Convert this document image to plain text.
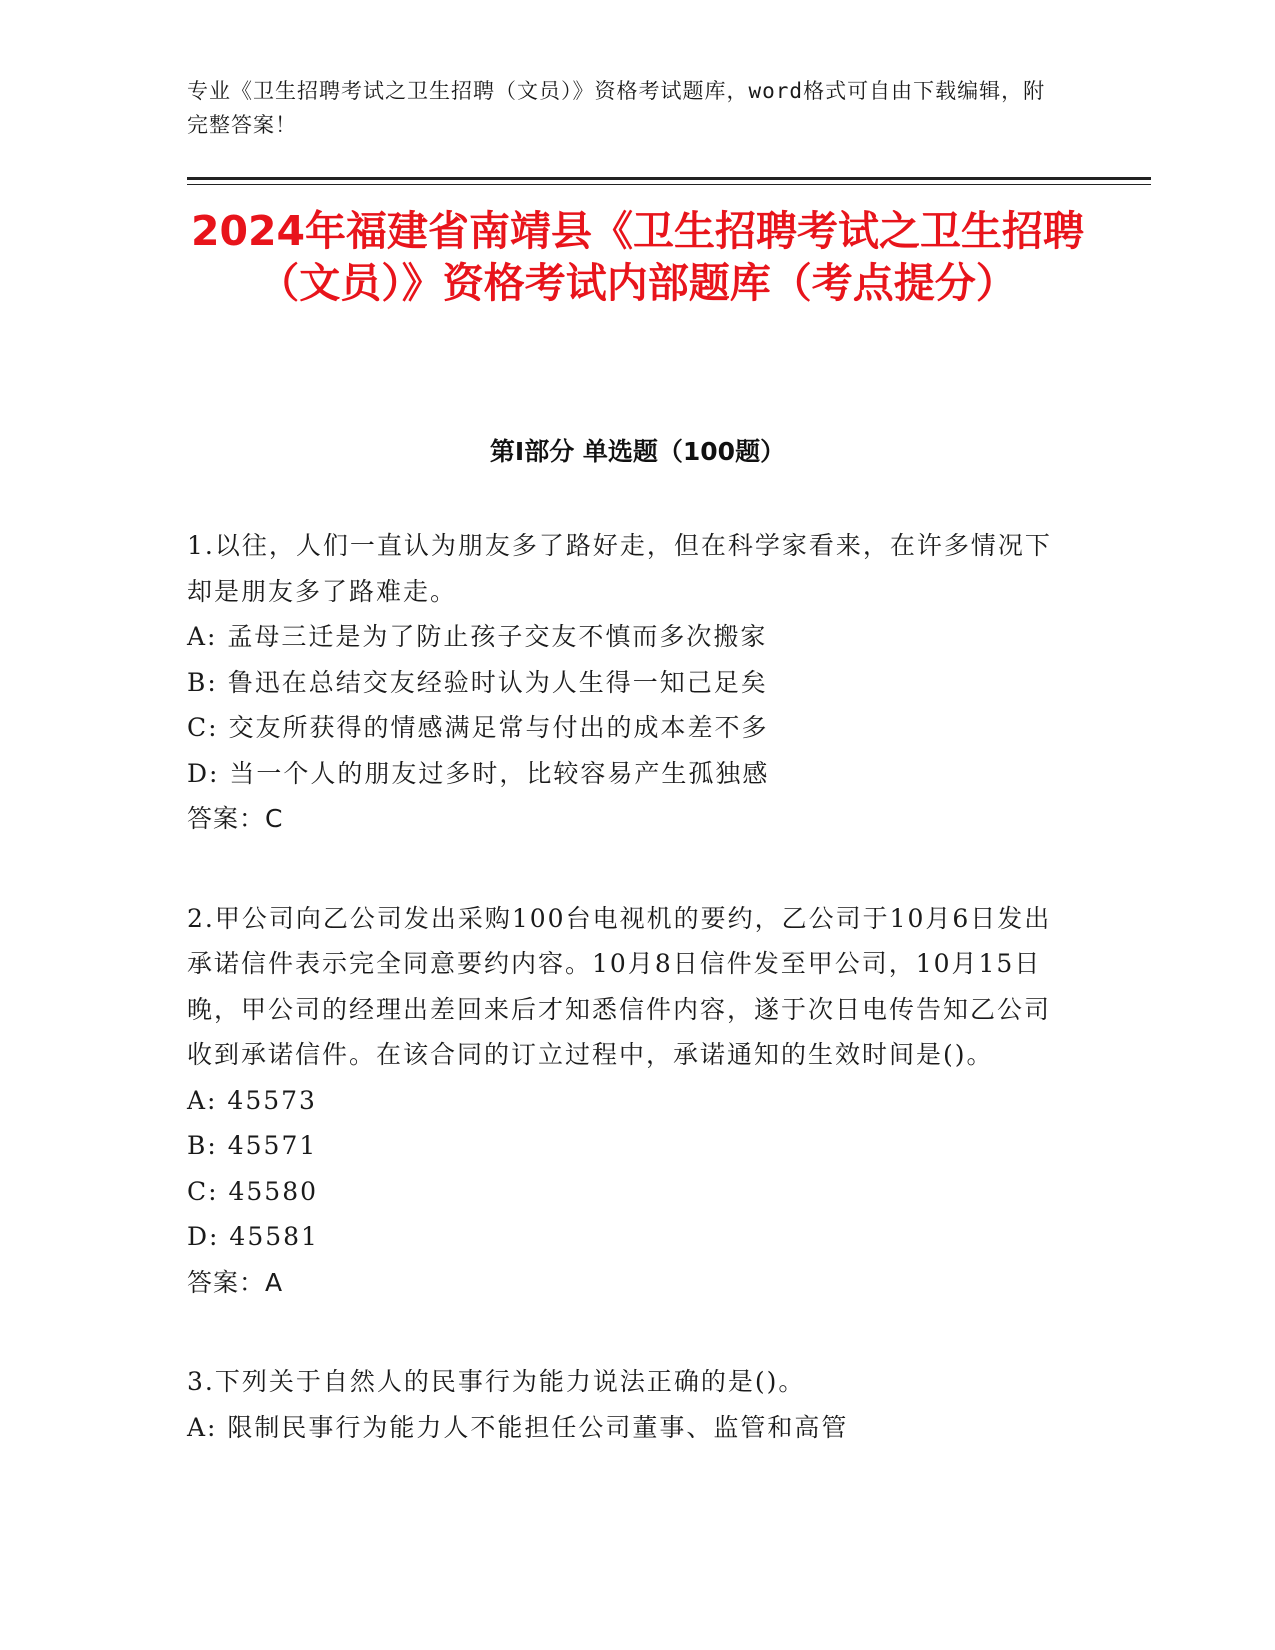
专业《卫生招聘考试之卫生招聘（文员）》资格考试题库，word格式可自由下载编辑，附完整答案！
2024年福建省南靖县《卫生招聘考试之卫生招聘（文员）》资格考试内部题库（考点提分）
第Ⅰ部分 单选题（100题）
1.以往，人们一直认为朋友多了路好走，但在科学家看来，在许多情况下却是朋友多了路难走。
A: 孟母三迁是为了防止孩子交友不慎而多次搬家
B: 鲁迅在总结交友经验时认为人生得一知己足矣
C: 交友所获得的情感满足常与付出的成本差不多
D: 当一个人的朋友过多时，比较容易产生孤独感
答案：C
2.甲公司向乙公司发出采购100台电视机的要约，乙公司于10月6日发出承诺信件表示完全同意要约内容。10月8日信件发至甲公司，10月15日晚，甲公司的经理出差回来后才知悉信件内容，遂于次日电传告知乙公司收到承诺信件。在该合同的订立过程中，承诺通知的生效时间是()。
A: 45573
B: 45571
C: 45580
D: 45581
答案：A
3.下列关于自然人的民事行为能力说法正确的是()。
A: 限制民事行为能力人不能担任公司董事、监管和高管
